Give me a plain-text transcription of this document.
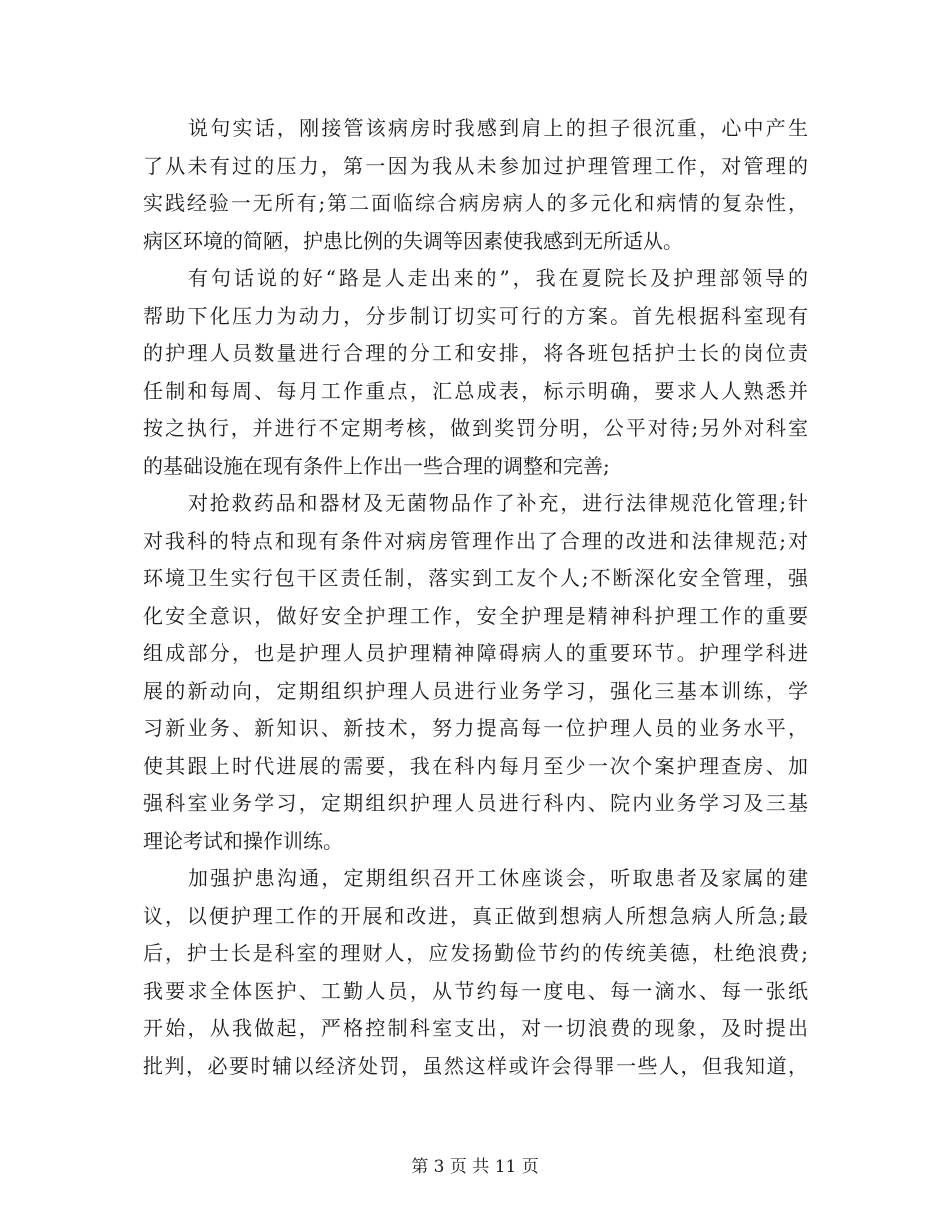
说句实话，刚接管该病房时我感到肩上的担子很沉重，心中产生
了从未有过的压力，第一因为我从未参加过护理管理工作，对管理的
实践经验一无所有;第二面临综合病房病人的多元化和病情的复杂性，
病区环境的简陋，护患比例的失调等因素使我感到无所适从。
有句话说的好“路是人走出来的”，我在夏院长及护理部领导的
帮助下化压力为动力，分步制订切实可行的方案。首先根据科室现有
的护理人员数量进行合理的分工和安排，将各班包括护士长的岗位责
任制和每周、每月工作重点，汇总成表，标示明确，要求人人熟悉并
按之执行，并进行不定期考核，做到奖罚分明，公平对待;另外对科室
的基础设施在现有条件上作出一些合理的调整和完善;
对抢救药品和器材及无菌物品作了补充，进行法律规范化管理;针
对我科的特点和现有条件对病房管理作出了合理的改进和法律规范;对
环境卫生实行包干区责任制，落实到工友个人;不断深化安全管理，强
化安全意识，做好安全护理工作，安全护理是精神科护理工作的重要
组成部分，也是护理人员护理精神障碍病人的重要环节。护理学科进
展的新动向，定期组织护理人员进行业务学习，强化三基本训练，学
习新业务、新知识、新技术，努力提高每一位护理人员的业务水平，
使其跟上时代进展的需要，我在科内每月至少一次个案护理查房、加
强科室业务学习，定期组织护理人员进行科内、院内业务学习及三基
理论考试和操作训练。
加强护患沟通，定期组织召开工休座谈会，听取患者及家属的建
议，以便护理工作的开展和改进，真正做到想病人所想急病人所急;最
后，护士长是科室的理财人，应发扬勤俭节约的传统美德，杜绝浪费;
我要求全体医护、工勤人员，从节约每一度电、每一滴水、每一张纸
开始，从我做起，严格控制科室支出，对一切浪费的现象，及时提出
批判，必要时辅以经济处罚，虽然这样或许会得罪一些人，但我知道，
第 3 页 共 11 页
